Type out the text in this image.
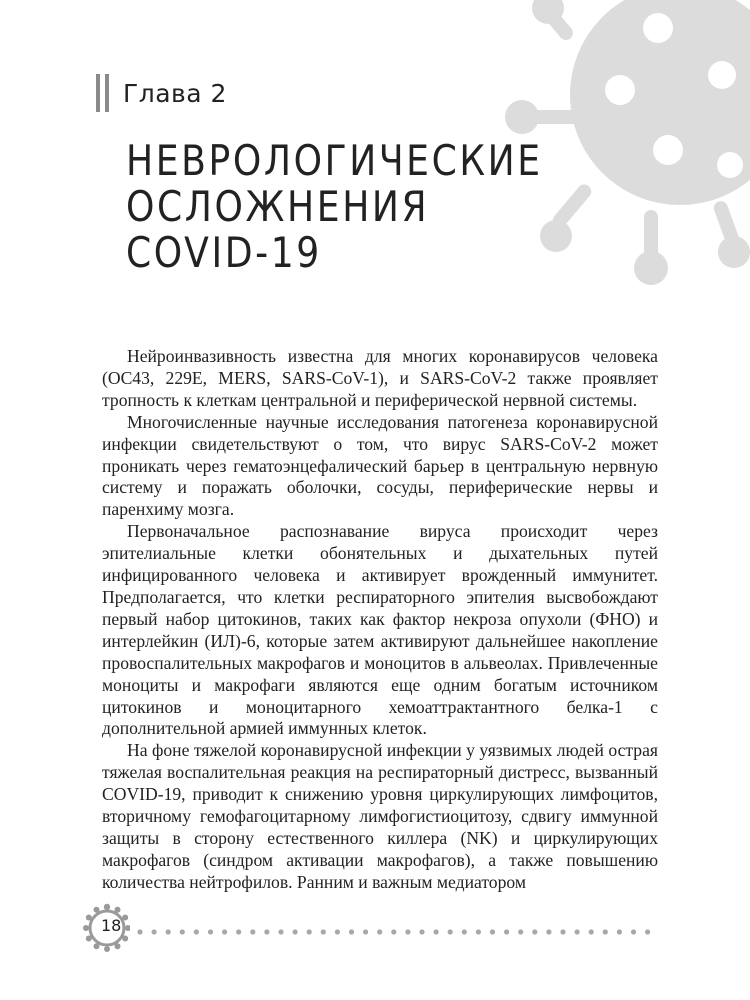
Глава 2
НЕВРОЛОГИЧЕСКИЕ
ОСЛОЖНЕНИЯ
COVID-19

Нейроинвазивность известна для многих коронавирусов человека (OC43, 229E, MERS, SARS-CoV-1), и SARS-CoV-2 также проявляет тропность к клеткам центральной и периферической нервной системы.

Многочисленные научные исследования патогенеза коронавирусной инфекции свидетельствуют о том, что вирус SARS-CoV-2 может проникать через гематоэнцефалический барьер в центральную нервную систему и поражать оболочки, сосуды, периферические нервы и паренхиму мозга.

Первоначальное распознавание вируса происходит через эпителиальные клетки обонятельных и дыхательных путей инфицированного человека и активирует врожденный иммунитет. Предполагается, что клетки респираторного эпителия высвобождают первый набор цитокинов, таких как фактор некроза опухоли (ФНО) и интерлейкин (ИЛ)-6, которые затем активируют дальнейшее накопление провоспалительных макрофагов и моноцитов в альвеолах. Привлеченные моноциты и макрофаги являются еще одним богатым источником цитокинов и моноцитарного хемоаттрактантного белка-1 с дополнительной армией иммунных клеток.

На фоне тяжелой коронавирусной инфекции у уязвимых людей острая тяжелая воспалительная реакция на респираторный дистресс, вызванный COVID-19, приводит к снижению уровня циркулирующих лимфоцитов, вторичному гемофагоцитарному лимфогистиоцитозу, сдвигу иммунной защиты в сторону естественного киллера (NK) и циркулирующих макрофагов (синдром активации макрофагов), а также повышению количества нейтрофилов. Ранним и важным медиатором

18
